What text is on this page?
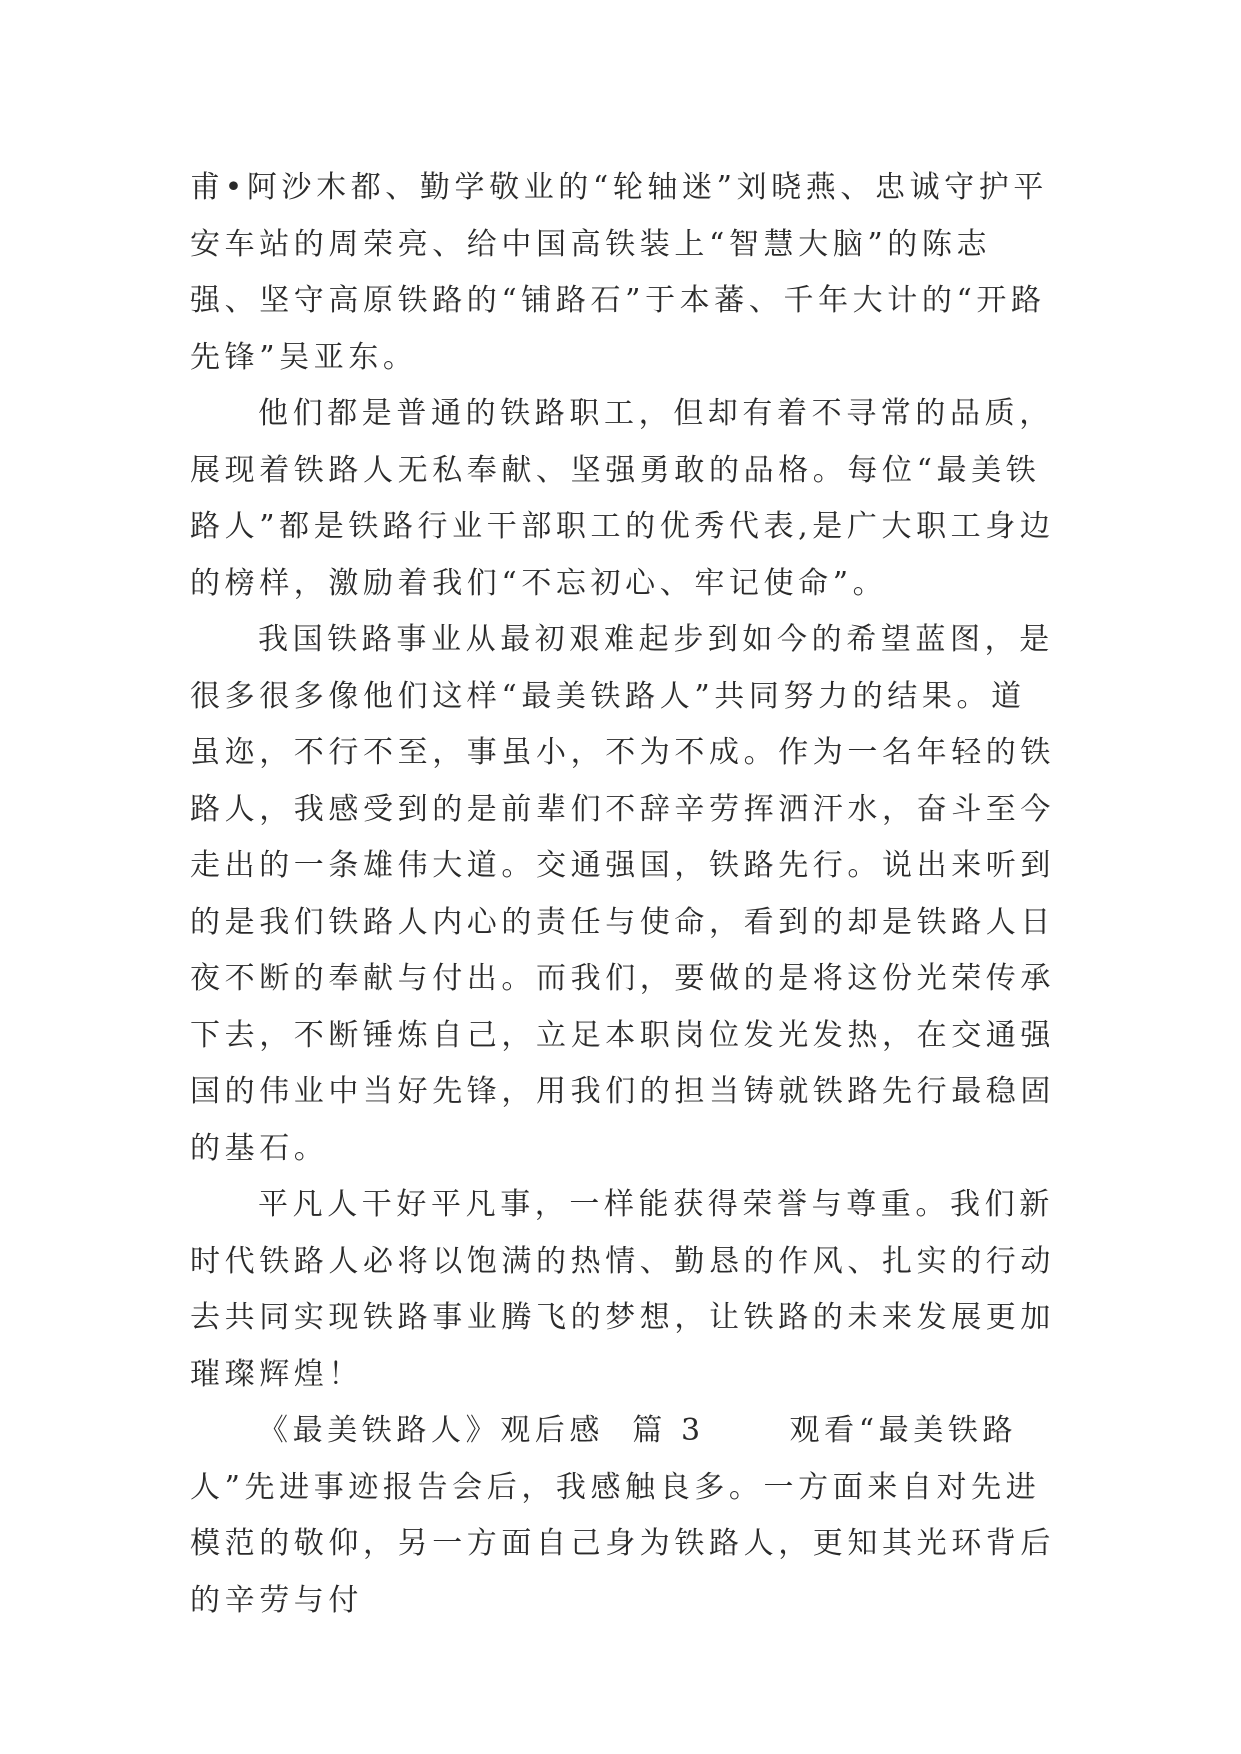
甫•阿沙木都、勤学敬业的“轮轴迷”刘晓燕、忠诚守护平安车站的周荣亮、给中国高铁装上“智慧大脑”的陈志强、坚守高原铁路的“铺路石”于本蕃、千年大计的“开路先锋”吴亚东。

他们都是普通的铁路职工，但却有着不寻常的品质，展现着铁路人无私奉献、坚强勇敢的品格。每位“最美铁路人”都是铁路行业干部职工的优秀代表,是广大职工身边的榜样，激励着我们“不忘初心、牢记使命”。

我国铁路事业从最初艰难起步到如今的希望蓝图，是很多很多像他们这样“最美铁路人”共同努力的结果。道虽迩，不行不至，事虽小，不为不成。作为一名年轻的铁路人，我感受到的是前辈们不辞辛劳挥洒汗水，奋斗至今走出的一条雄伟大道。交通强国，铁路先行。说出来听到的是我们铁路人内心的责任与使命，看到的却是铁路人日夜不断的奉献与付出。而我们，要做的是将这份光荣传承下去，不断锤炼自己，立足本职岗位发光发热，在交通强国的伟业中当好先锋，用我们的担当铸就铁路先行最稳固的基石。

平凡人干好平凡事，一样能获得荣誉与尊重。我们新时代铁路人必将以饱满的热情、勤恳的作风、扎实的行动去共同实现铁路事业腾飞的梦想，让铁路的未来发展更加璀璨辉煌！

《最美铁路人》观后感  篇 3      观看“最美铁路人”先进事迹报告会后，我感触良多。一方面来自对先进模范的敬仰，另一方面自己身为铁路人，更知其光环背后的辛劳与付
